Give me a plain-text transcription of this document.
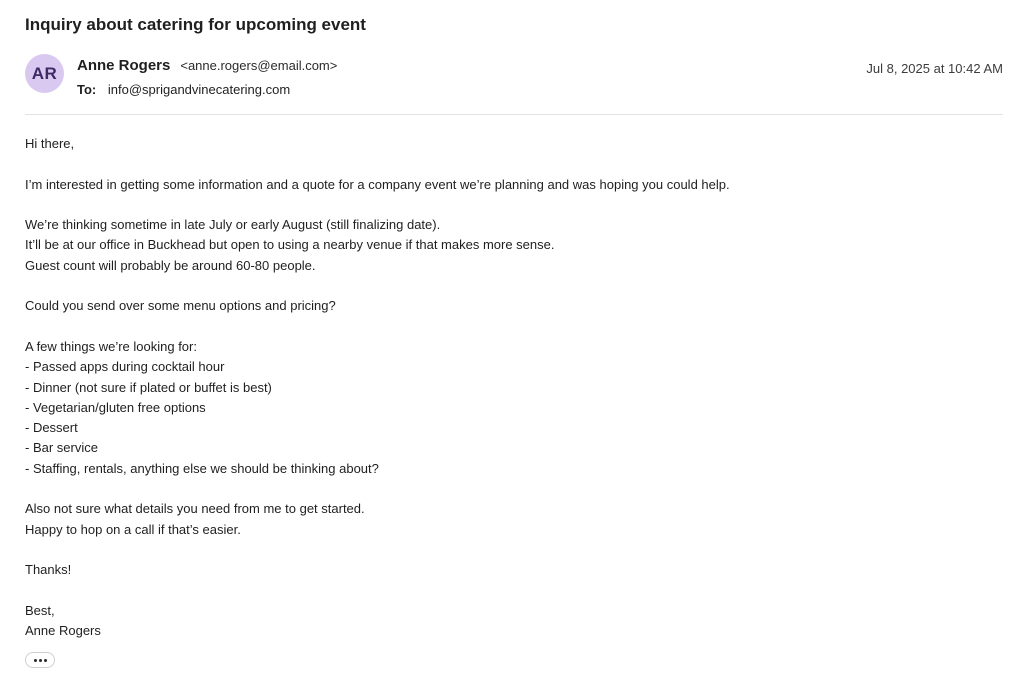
Inquiry about catering for upcoming event
AR Anne Rogers <anne.rogers@email.com>
To: info@sprigandvinecatering.com
Jul 8, 2025 at 10:42 AM
Hi there,
I’m interested in getting some information and a quote for a company event we’re planning and was hoping you could help.
We’re thinking sometime in late July or early August (still finalizing date).
It’ll be at our office in Buckhead but open to using a nearby venue if that makes more sense.
Guest count will probably be around 60-80 people.
Could you send over some menu options and pricing?
A few things we’re looking for:
- Passed apps during cocktail hour
- Dinner (not sure if plated or buffet is best)
- Vegetarian/gluten free options
- Dessert
- Bar service
- Staffing, rentals, anything else we should be thinking about?
Also not sure what details you need from me to get started.
Happy to hop on a call if that’s easier.
Thanks!
Best,
Anne Rogers
